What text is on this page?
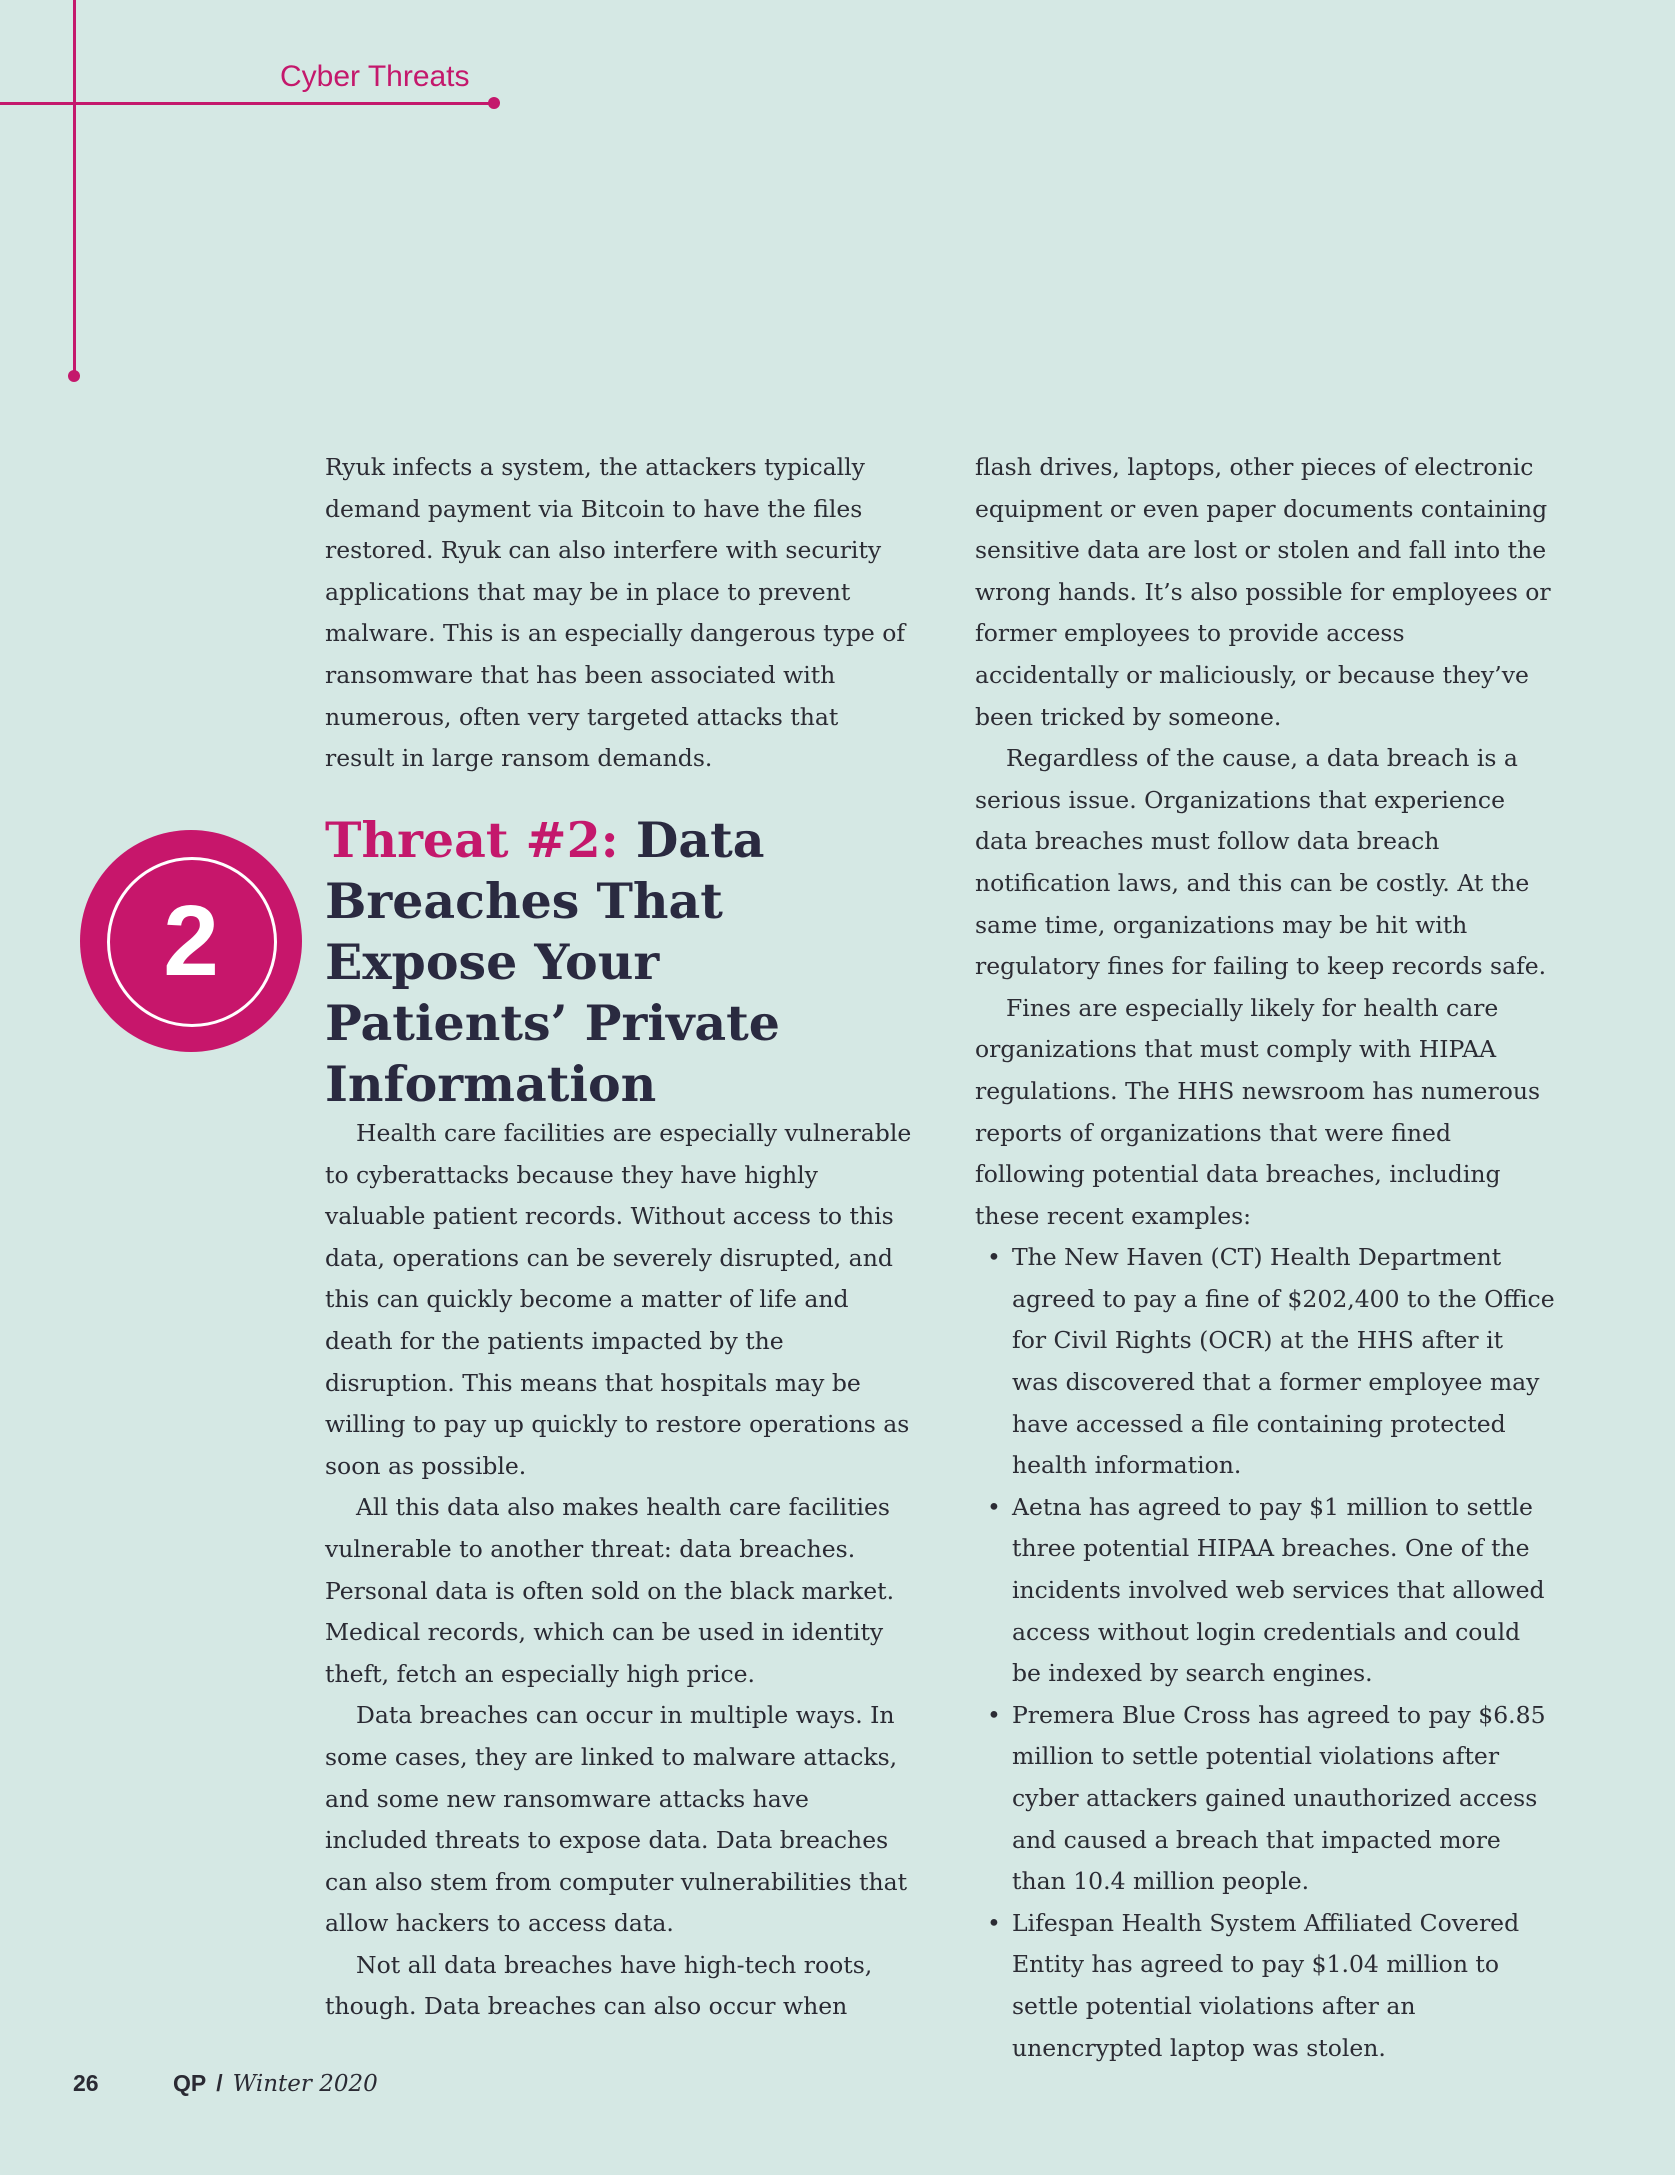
Cyber Threats

Ryuk infects a system, the attackers typically demand payment via Bitcoin to have the files restored. Ryuk can also interfere with security applications that may be in place to prevent malware. This is an especially dangerous type of ransomware that has been associated with numerous, often very targeted attacks that result in large ransom demands.

2
Threat #2: Data Breaches That Expose Your Patients’ Private Information

Health care facilities are especially vulnerable to cyberattacks because they have highly valuable patient records. Without access to this data, operations can be severely disrupted, and this can quickly become a matter of life and death for the patients impacted by the disruption. This means that hospitals may be willing to pay up quickly to restore operations as soon as possible.

All this data also makes health care facilities vulnerable to another threat: data breaches. Personal data is often sold on the black market. Medical records, which can be used in identity theft, fetch an especially high price.

Data breaches can occur in multiple ways. In some cases, they are linked to malware attacks, and some new ransomware attacks have included threats to expose data. Data breaches can also stem from computer vulnerabilities that allow hackers to access data.

Not all data breaches have high-tech roots, though. Data breaches can also occur when

flash drives, laptops, other pieces of electronic equipment or even paper documents containing sensitive data are lost or stolen and fall into the wrong hands. It’s also possible for employees or former employees to provide access accidentally or maliciously, or because they’ve been tricked by someone.

Regardless of the cause, a data breach is a serious issue. Organizations that experience data breaches must follow data breach notification laws, and this can be costly. At the same time, organizations may be hit with regulatory fines for failing to keep records safe.

Fines are especially likely for health care organizations that must comply with HIPAA regulations. The HHS newsroom has numerous reports of organizations that were fined following potential data breaches, including these recent examples:

• The New Haven (CT) Health Department agreed to pay a fine of $202,400 to the Office for Civil Rights (OCR) at the HHS after it was discovered that a former employee may have accessed a file containing protected health information.
• Aetna has agreed to pay $1 million to settle three potential HIPAA breaches. One of the incidents involved web services that allowed access without login credentials and could be indexed by search engines.
• Premera Blue Cross has agreed to pay $6.85 million to settle potential violations after cyber attackers gained unauthorized access and caused a breach that impacted more than 10.4 million people.
• Lifespan Health System Affiliated Covered Entity has agreed to pay $1.04 million to settle potential violations after an unencrypted laptop was stolen.
26	QP / Winter 2020
